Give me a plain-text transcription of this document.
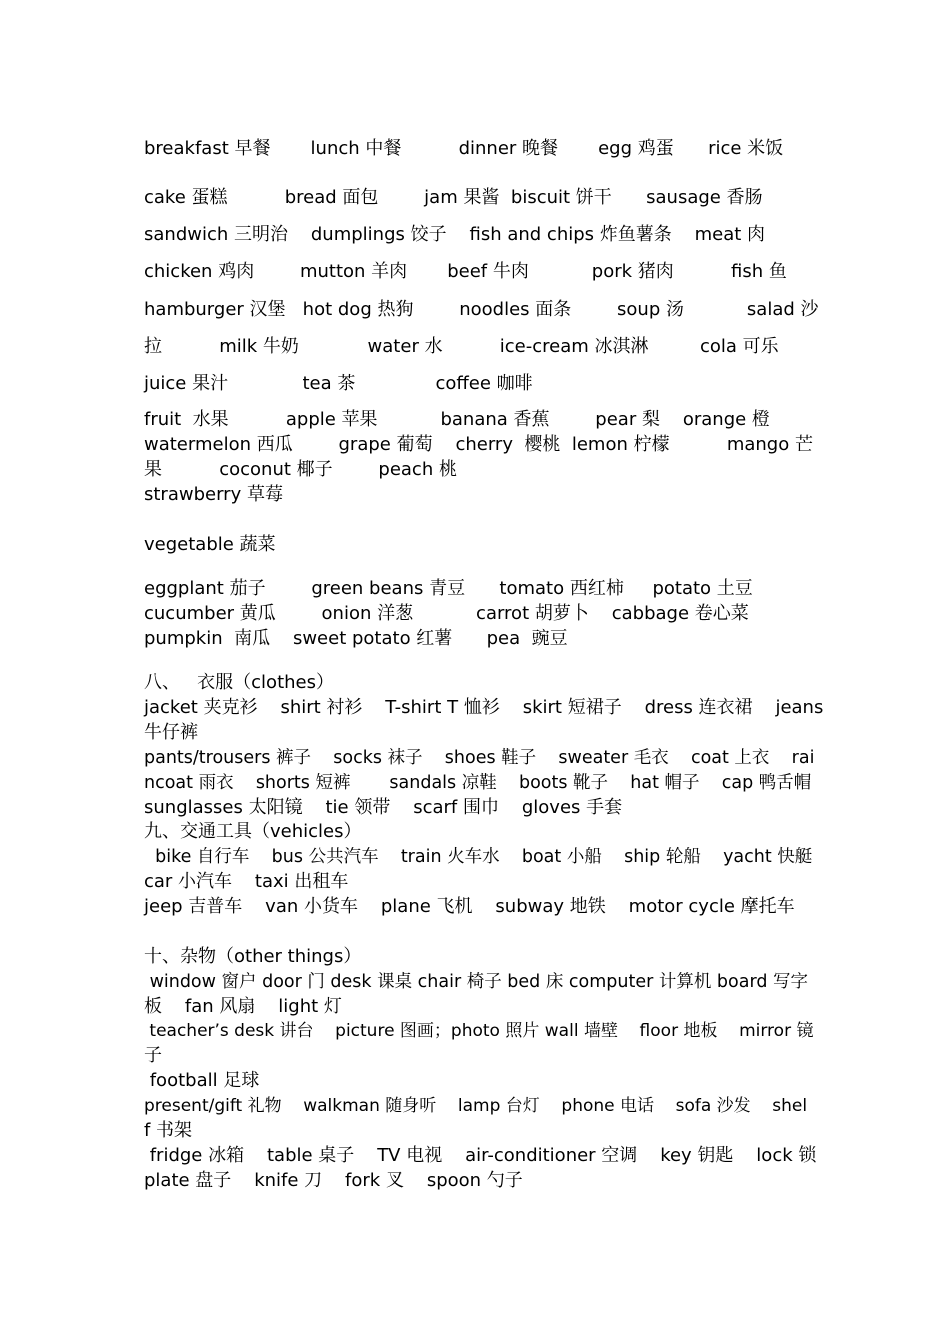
breakfast 早餐       lunch 中餐          dinner 晚餐       egg 鸡蛋      rice 米饭
cake 蛋糕          bread 面包        jam 果酱  biscuit 饼干      sausage 香肠
sandwich 三明治    dumplings 饺子    fish and chips 炸鱼薯条    meat 肉
chicken 鸡肉        mutton 羊肉       beef 牛肉           pork 猪肉          fish 鱼
hamburger 汉堡   hot dog 热狗        noodles 面条        soup 汤           salad 沙
拉          milk 牛奶            water 水          ice-cream 冰淇淋         cola 可乐
juice 果汁             tea 茶              coffee 咖啡
fruit  水果          apple 苹果           banana 香蕉        pear 梨    orange 橙
watermelon 西瓜        grape 葡萄    cherry  樱桃  lemon 柠檬          mango 芒
果          coconut 椰子        peach 桃
strawberry 草莓
vegetable 蔬菜
eggplant 茄子        green beans 青豆      tomato 西红柿     potato 土豆
cucumber 黄瓜        onion 洋葱           carrot 胡萝卜    cabbage 卷心菜
pumpkin  南瓜    sweet potato 红薯      pea  豌豆
八、   衣服（clothes）
jacket 夹克衫    shirt 衬衫    T-shirt T 恤衫    skirt 短裙子    dress 连衣裙    jeans
牛仔裤
pants/trousers 裤子    socks 袜子    shoes 鞋子    sweater 毛衣    coat 上衣    rai
ncoat 雨衣    shorts 短裤       sandals 凉鞋    boots 靴子    hat 帽子    cap 鸭舌帽
sunglasses 太阳镜    tie 领带    scarf 围巾    gloves 手套
九、交通工具（vehicles）
bike 自行车    bus 公共汽车    train 火车水    boat 小船    ship 轮船    yacht 快艇
car 小汽车    taxi 出租车
jeep 吉普车    van 小货车    plane 飞机    subway 地铁    motor cycle 摩托车
十、杂物（other things）
window 窗户 door 门 desk 课桌 chair 椅子 bed 床 computer 计算机 board 写字
板    fan 风扇    light 灯
teacher’s desk 讲台    picture 图画；photo 照片 wall 墙壁    floor 地板    mirror 镜
子
football 足球
present/gift 礼物    walkman 随身听    lamp 台灯    phone 电话    sofa 沙发    shel
f 书架
fridge 冰箱    table 桌子    TV 电视    air-conditioner 空调    key 钥匙    lock 锁
plate 盘子    knife 刀    fork 叉    spoon 勺子
